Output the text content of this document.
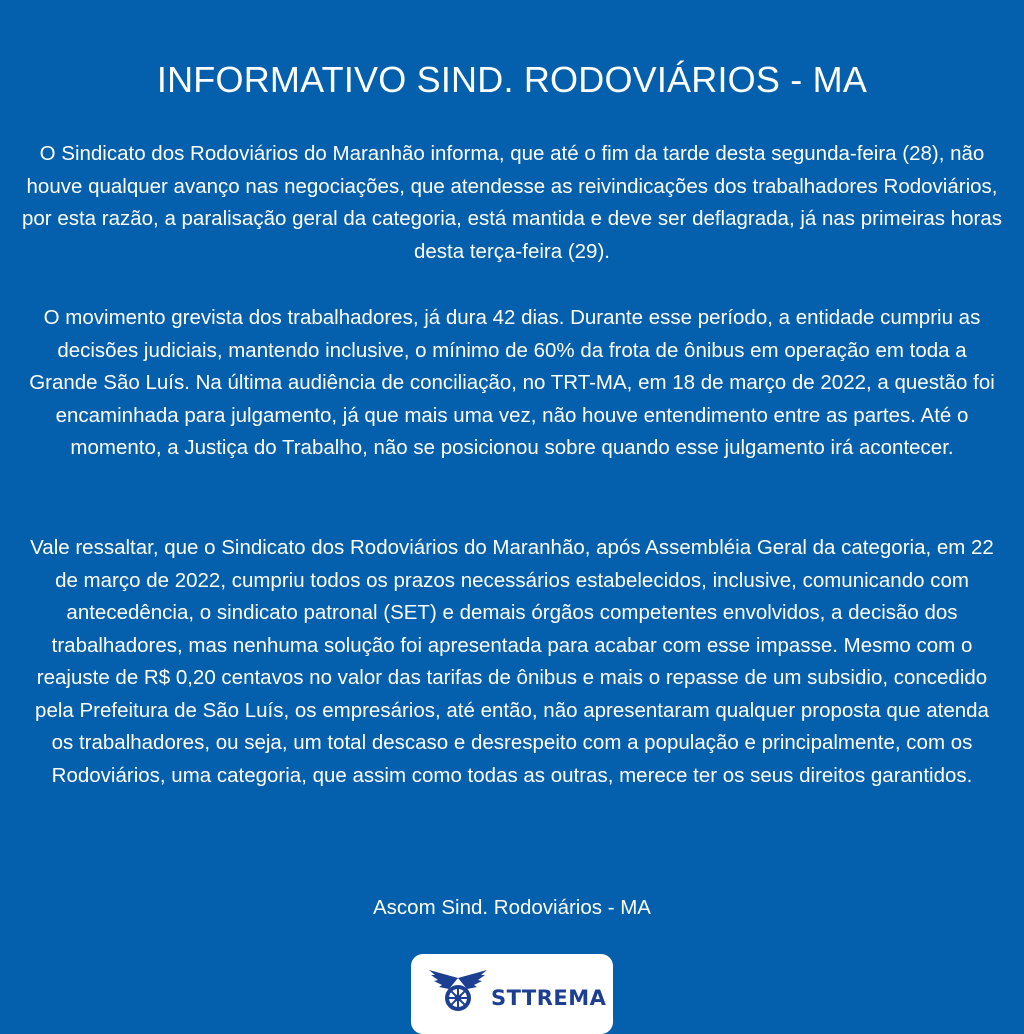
INFORMATIVO SIND. RODOVIÁRIOS - MA

O Sindicato dos Rodoviários do Maranhão informa, que até o fim da tarde desta segunda-feira (28), não houve qualquer avanço nas negociações, que atendesse as reivindicações dos trabalhadores Rodoviários, por esta razão, a paralisação geral da categoria, está mantida e deve ser deflagrada, já nas primeiras horas desta terça-feira (29).

O movimento grevista dos trabalhadores, já dura 42 dias. Durante esse período, a entidade cumpriu as decisões judiciais, mantendo inclusive, o mínimo de 60% da frota de ônibus em operação em toda a Grande São Luís. Na última audiência de conciliação, no TRT-MA, em 18 de março de 2022, a questão foi encaminhada para julgamento, já que mais uma vez, não houve entendimento entre as partes. Até o momento, a Justiça do Trabalho, não se posicionou sobre quando esse julgamento irá acontecer.

Vale ressaltar, que o Sindicato dos Rodoviários do Maranhão, após Assembléia Geral da categoria, em 22 de março de 2022, cumpriu todos os prazos necessários estabelecidos, inclusive, comunicando com antecedência, o sindicato patronal (SET) e demais órgãos competentes envolvidos, a decisão dos trabalhadores, mas nenhuma solução foi apresentada para acabar com esse impasse. Mesmo com o reajuste de R$ 0,20 centavos no valor das tarifas de ônibus e mais o repasse de um subsidio, concedido pela Prefeitura de São Luís, os empresários, até então, não apresentaram qualquer proposta que atenda os trabalhadores, ou seja, um total descaso e desrespeito com a população e principalmente, com os Rodoviários, uma categoria, que assim como todas as outras, merece ter os seus direitos garantidos.

Ascom Sind. Rodoviários - MA

STTREMA
